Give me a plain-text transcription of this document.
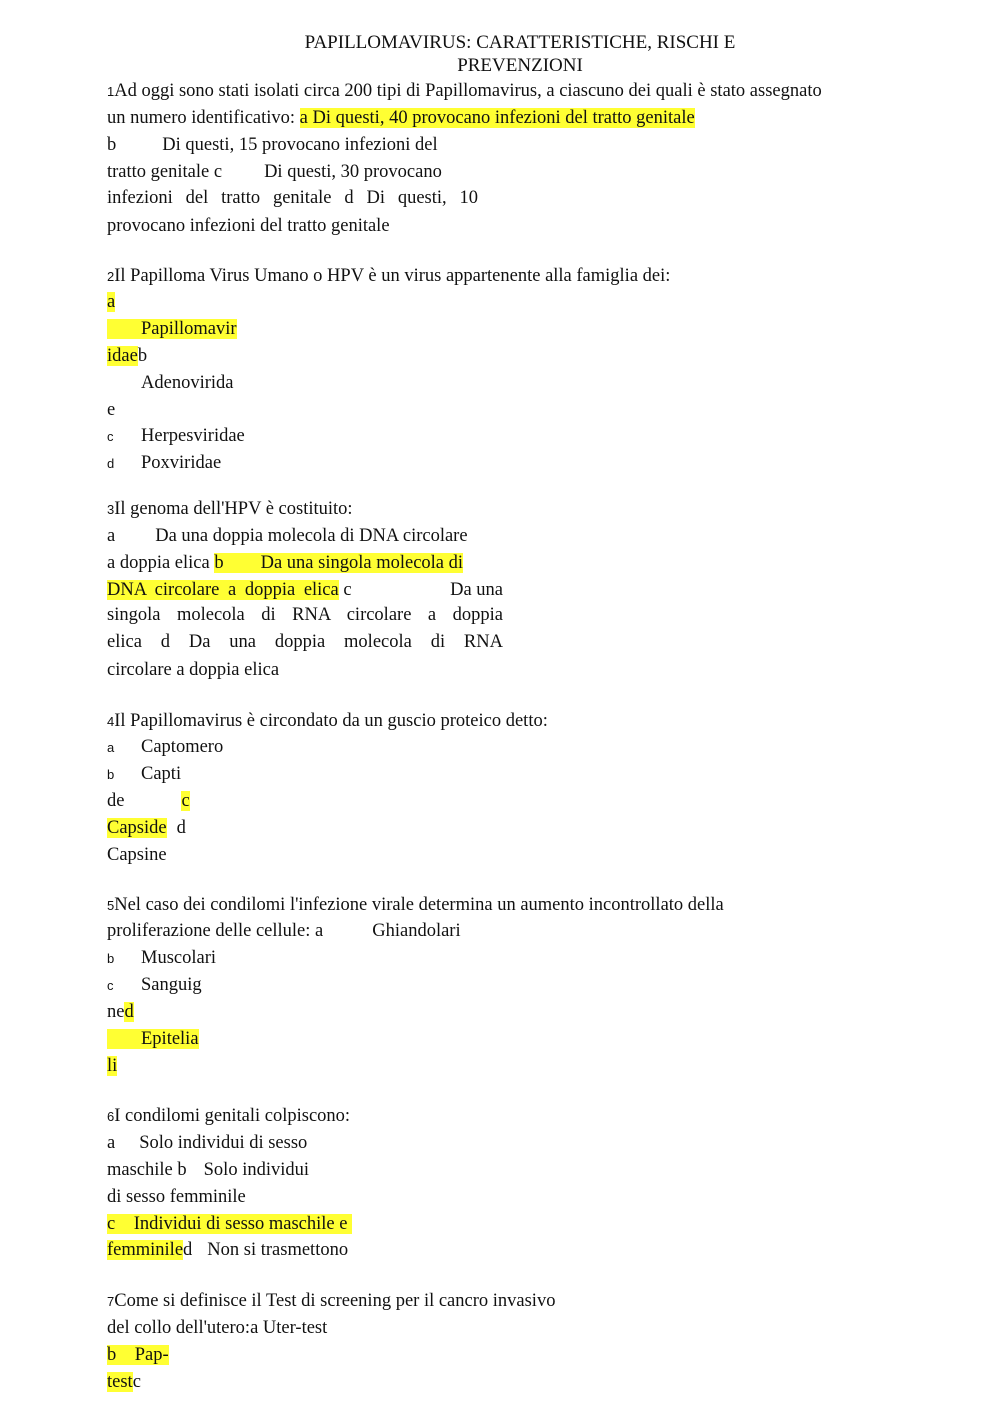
PAPILLOMAVIRUS: CARATTERISTICHE, RISCHI E
PREVENZIONI
1Ad oggi sono stati isolati circa 200 tipi di Papillomavirus, a ciascuno dei quali è stato assegnato
un numero identificativo: a Di questi, 40 provocano infezioni del tratto genitale
b Di questi, 15 provocano infezioni del
tratto genitale c Di questi, 30 provocano
infezioni del tratto genitale d Di questi, 10
provocano infezioni del tratto genitale
2Il Papilloma Virus Umano o HPV è un virus appartenente alla famiglia dei:
a
Papillomavir
idaeb
Adenovirida
e
c Herpesviridae
d Poxviridae
3Il genoma dell'HPV è costituito:
a Da una doppia molecola di DNA circolare
a doppia elica b        Da una singola molecola di
DNA circolare a doppia elica c	Da una
singola molecola di RNA circolare a doppia
elica d Da una doppia molecola di RNA
circolare a doppia elica
4Il Papillomavirus è circondato da un guscio proteico detto:
a Captomero
b Capti
de	c
Capside d
Capsine
5Nel caso dei condilomi l'infezione virale determina un aumento incontrollato della
proliferazione delle cellule: a	Ghiandolari
b Muscolari
c Sanguig
ned
Epitelia
li
6I condilomi genitali colpiscono:
a Solo individui di sesso
maschile b Solo individui
di sesso femminile
c    Individui di sesso maschile e
femminiled Non si trasmettono
7Come si definisce il Test di screening per il cancro invasivo
del collo dell'utero:a Uter-test
b    Pap-
testc
